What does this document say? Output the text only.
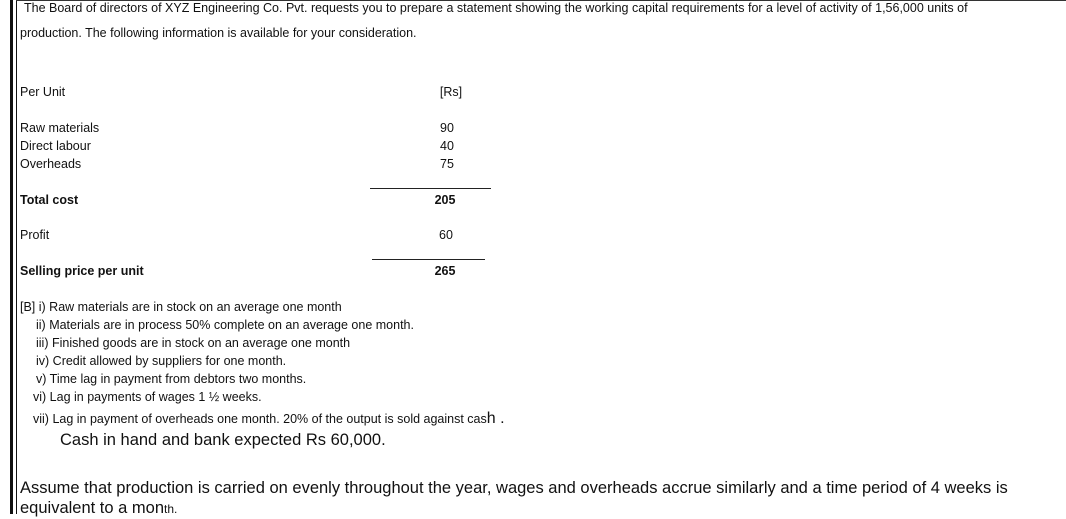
The Board of directors of XYZ Engineering Co. Pvt. requests you to prepare a statement showing the working capital requirements for a level of activity of 1,56,000 units of
production. The following information is available for your consideration.
Per Unit	[Rs]
Raw materials	90
Direct labour	40
Overheads	75
Total cost	205
Profit	60
Selling price per unit	265
[B] i) Raw materials are in stock on an average one month
ii) Materials are in process 50% complete on an average one month.
iii) Finished goods are in stock on an average one month
iv) Credit allowed by suppliers for one month.
v) Time lag in payment from debtors two months.
vi) Lag in payments of wages 1 ½ weeks.
vii) Lag in payment of overheads one month. 20% of the output is sold against cash .
Cash in hand and bank expected Rs 60,000.
Assume that production is carried on evenly throughout the year, wages and overheads accrue similarly and a time period of 4 weeks is
equivalent to a month.
